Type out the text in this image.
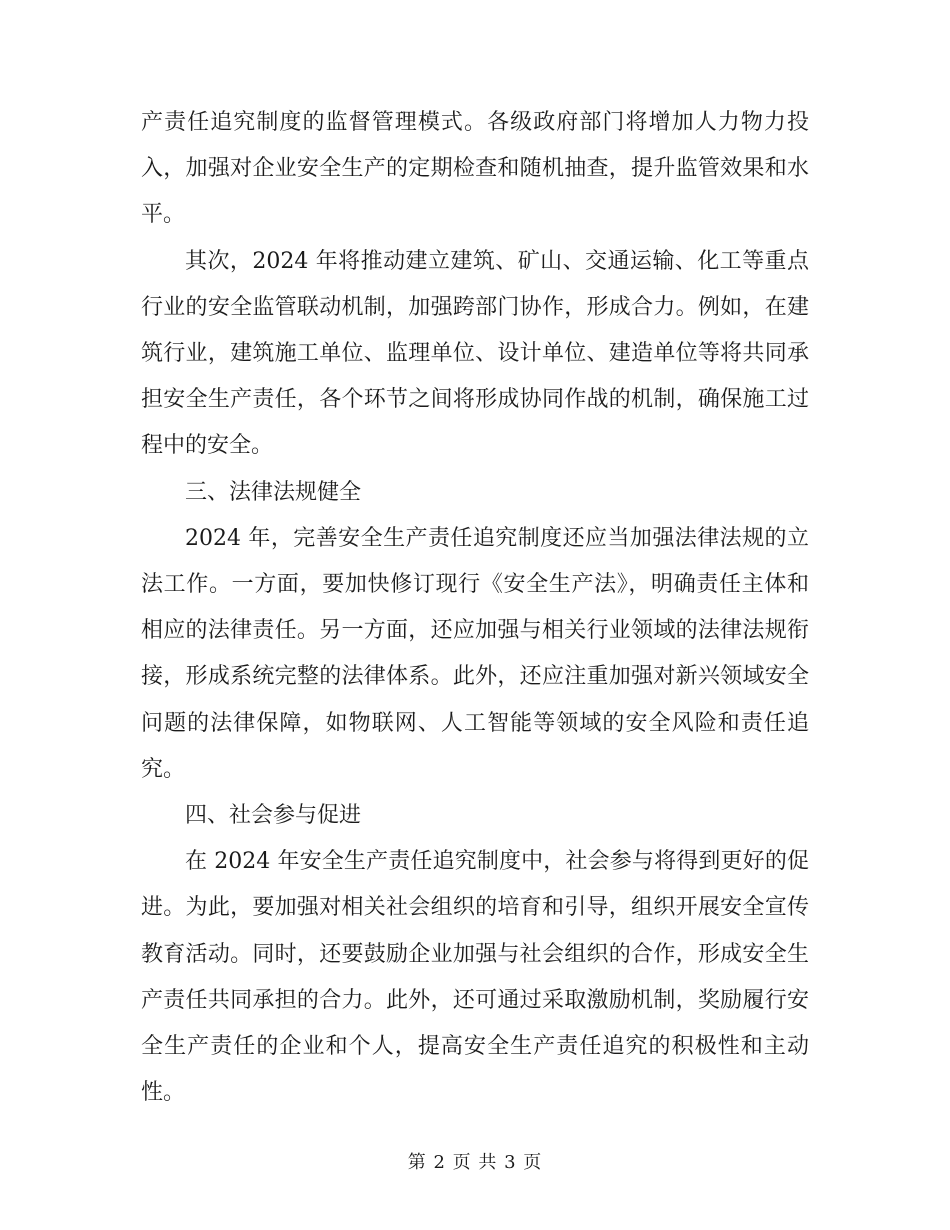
产责任追究制度的监督管理模式。各级政府部门将增加人力物力投入，加强对企业安全生产的定期检查和随机抽查，提升监管效果和水平。

其次，2024 年将推动建立建筑、矿山、交通运输、化工等重点行业的安全监管联动机制，加强跨部门协作，形成合力。例如，在建筑行业，建筑施工单位、监理单位、设计单位、建造单位等将共同承担安全生产责任，各个环节之间将形成协同作战的机制，确保施工过程中的安全。

三、法律法规健全

2024 年，完善安全生产责任追究制度还应当加强法律法规的立法工作。一方面，要加快修订现行《安全生产法》，明确责任主体和相应的法律责任。另一方面，还应加强与相关行业领域的法律法规衔接，形成系统完整的法律体系。此外，还应注重加强对新兴领域安全问题的法律保障，如物联网、人工智能等领域的安全风险和责任追究。

四、社会参与促进

在 2024 年安全生产责任追究制度中，社会参与将得到更好的促进。为此，要加强对相关社会组织的培育和引导，组织开展安全宣传教育活动。同时，还要鼓励企业加强与社会组织的合作，形成安全生产责任共同承担的合力。此外，还可通过采取激励机制，奖励履行安全生产责任的企业和个人，提高安全生产责任追究的积极性和主动性。

第 2 页 共 3 页
